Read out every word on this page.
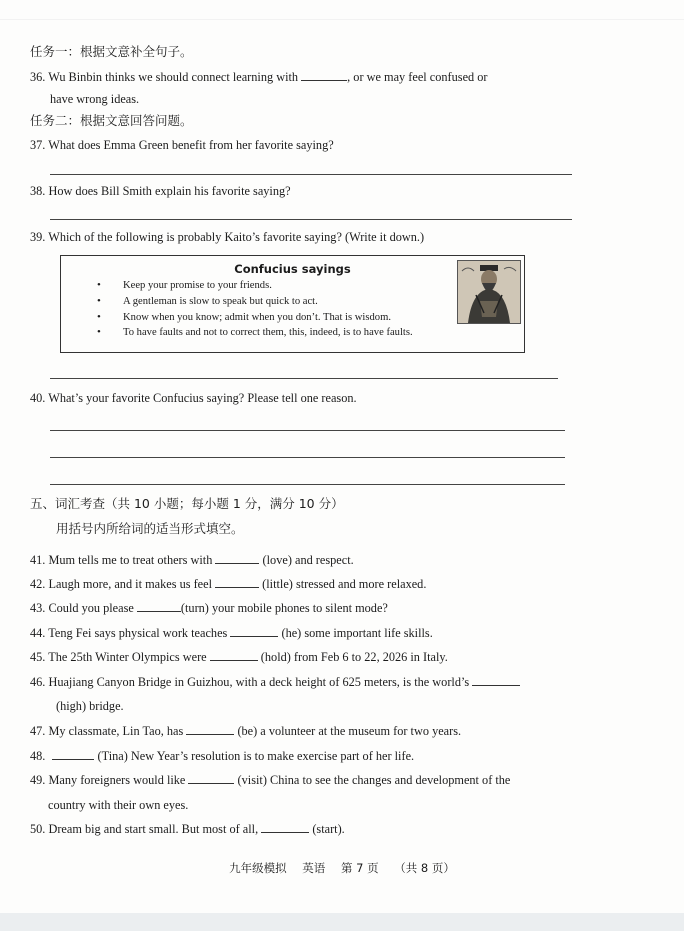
任务一：根据文意补全句子。
36. Wu Binbin thinks we should connect learning with	, or we may feel confused or
have wrong ideas.
任务二：根据文意回答问题。
37. What does Emma Green benefit from her favorite saying?
38. How does Bill Smith explain his favorite saying?
39. Which of the following is probably Kaito’s favorite saying? (Write it down.)
Confucius sayings
• Keep your promise to your friends.
• A gentleman is slow to speak but quick to act.
• Know when you know; admit when you don’t. That is wisdom.
• To have faults and not to correct them, this, indeed, is to have faults.
40. What’s your favorite Confucius saying? Please tell one reason.
五、词汇考查（共 10 小题；每小题 1 分，满分 10 分）
用括号内所给词的适当形式填空。
41. Mum tells me to treat others with	(love) and respect.
42. Laugh more, and it makes us feel	(little) stressed and more relaxed.
43. Could you please	(turn) your mobile phones to silent mode?
44. Teng Fei says physical work teaches	(he) some important life skills.
45. The 25th Winter Olympics were	(hold) from Feb 6 to 22, 2026 in Italy.
46. Huajiang Canyon Bridge in Guizhou, with a deck height of 625 meters, is the world’s
(high) bridge.
47. My classmate, Lin Tao, has	(be) a volunteer at the museum for two years.
48.	(Tina) New Year’s resolution is to make exercise part of her life.
49. Many foreigners would like	(visit) China to see the changes and development of the
country with their own eyes.
50. Dream big and start small. But most of all,	(start).
九年级模拟 英语 第 7 页 （共 8 页）
